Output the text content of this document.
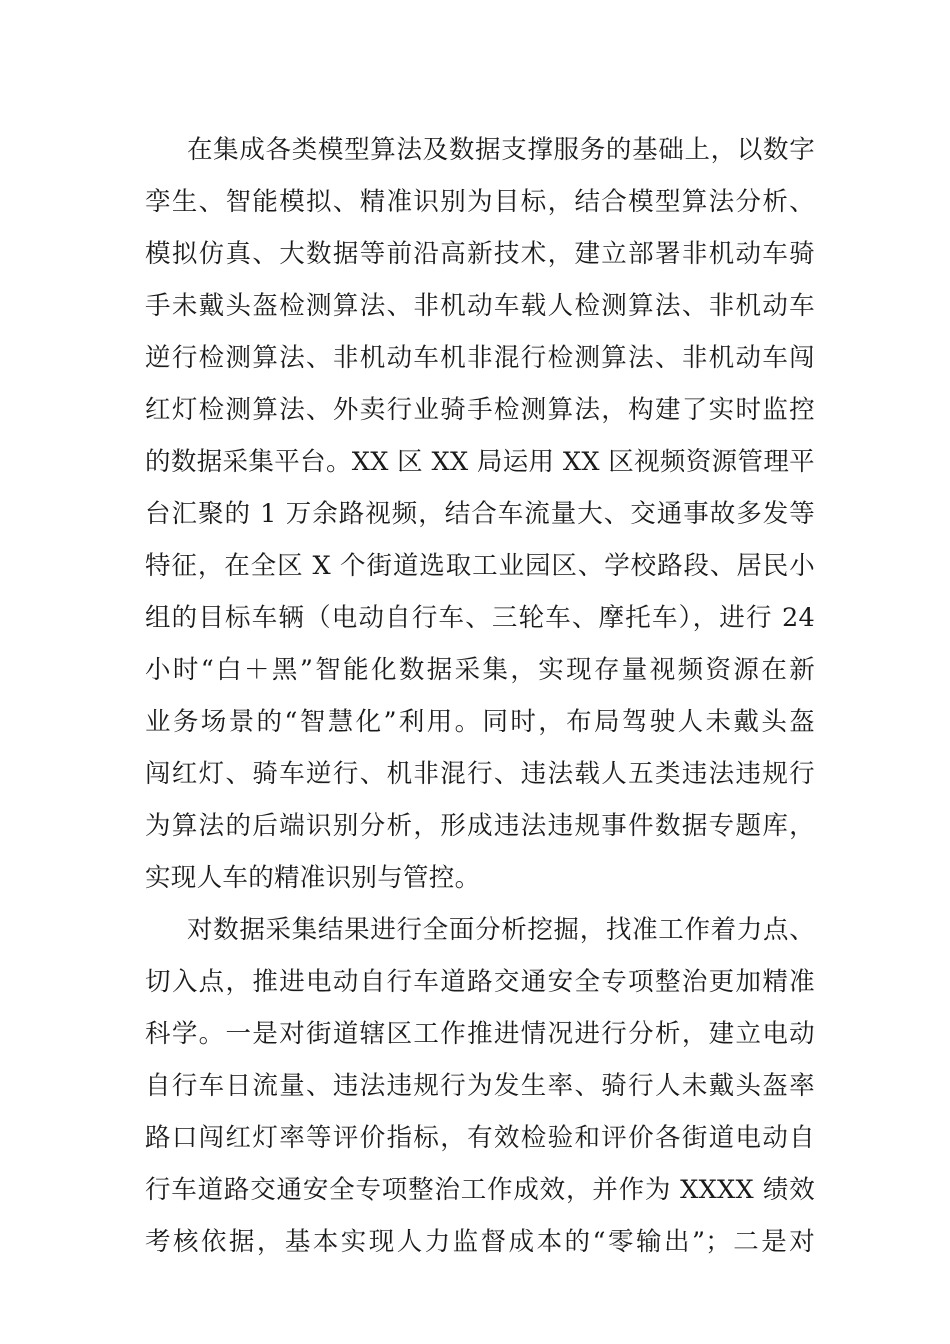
在集成各类模型算法及数据支撑服务的基础上，以数字
孪生、智能模拟、精准识别为目标，结合模型算法分析、
模拟仿真、大数据等前沿高新技术，建立部署非机动车骑
手未戴头盔检测算法、非机动车载人检测算法、非机动车
逆行检测算法、非机动车机非混行检测算法、非机动车闯
红灯检测算法、外卖行业骑手检测算法，构建了实时监控
的数据采集平台。XX 区 XX 局运用 XX 区视频资源管理平
台汇聚的 1 万余路视频，结合车流量大、交通事故多发等
特征，在全区 X 个街道选取工业园区、学校路段、居民小
组的目标车辆（电动自行车、三轮车、摩托车），进行 24
小时“白＋黑”智能化数据采集，实现存量视频资源在新
业务场景的“智慧化”利用。同时，布局驾驶人未戴头盔
闯红灯、骑车逆行、机非混行、违法载人五类违法违规行
为算法的后端识别分析，形成违法违规事件数据专题库，
实现人车的精准识别与管控。
对数据采集结果进行全面分析挖掘，找准工作着力点、
切入点，推进电动自行车道路交通安全专项整治更加精准
科学。一是对街道辖区工作推进情况进行分析，建立电动
自行车日流量、违法违规行为发生率、骑行人未戴头盔率
路口闯红灯率等评价指标，有效检验和评价各街道电动自
行车道路交通安全专项整治工作成效，并作为 XXXX 绩效
考核依据，基本实现人力监督成本的“零输出”；二是对
